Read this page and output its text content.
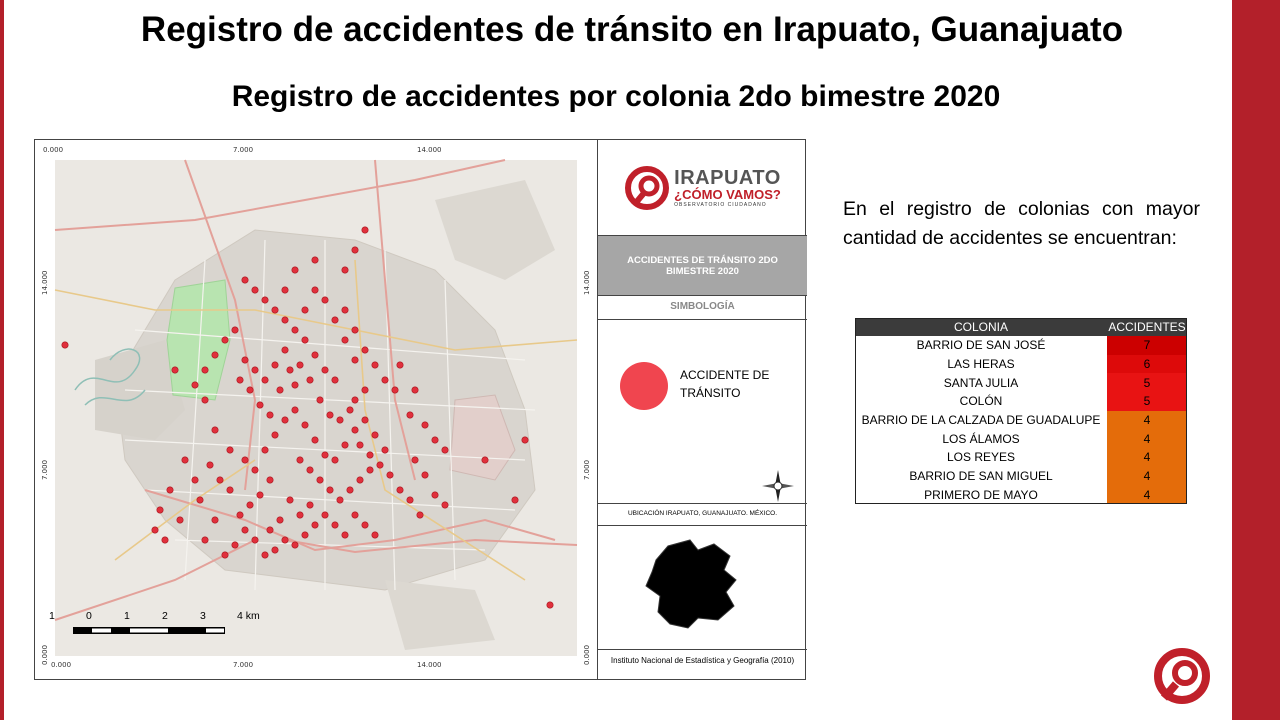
Registro de accidentes de tránsito en Irapuato, Guanajuato
Registro de accidentes por colonia 2do bimestre 2020
0.000	7.000	14.000
0.000	7.000	14.000
14.000
7.000
0.000
14.000
7.000
0.000
1	0	1	2	3	4 km
IRAPUATO
¿CÓMO VAMOS?
OBSERVATORIO CIUDADANO
ACCIDENTES DE TRÁNSITO 2DO BIMESTRE 2020
SIMBOLOGÍA
ACCIDENTE DE TRÁNSITO
UBICACIÓN IRAPUATO, GUANAJUATO. MÉXICO.
Instituto Nacional de Estadística y Geografía (2010)
En el registro de colonias con mayor cantidad de accidentes se encuentran:
COLONIA	ACCIDENTES
BARRIO DE SAN JOSÉ	7
LAS HERAS	6
SANTA JULIA	5
COLÓN	5
BARRIO DE LA CALZADA DE GUADALUPE	4
LOS ÁLAMOS	4
LOS REYES	4
BARRIO DE SAN MIGUEL	4
PRIMERO DE MAYO	4
